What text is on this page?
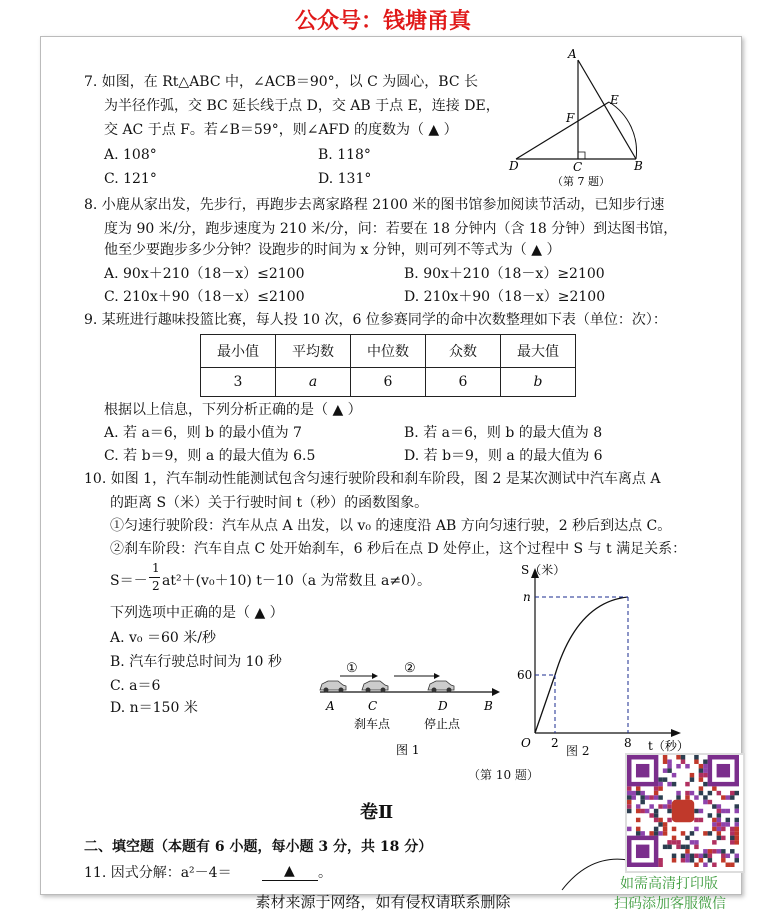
公众号：钱塘甬真
7. 如图，在 Rt△ABC 中，∠ACB＝90°，以 C 为圆心，BC 长
为半径作弧，交 BC 延长线于点 D，交 AB 于点 E，连接 DE，
交 AC 于点 F。若∠B＝59°，则∠AFD 的度数为（ ▲ ）
A. 108°	B. 118°
C. 121°	D. 131°
A
E
F
D	C	B
（第 7 题）
8. 小鹿从家出发，先步行，再跑步去离家路程 2100 米的图书馆参加阅读节活动，已知步行速
度为 90 米/分，跑步速度为 210 米/分，问：若要在 18 分钟内（含 18 分钟）到达图书馆，
他至少要跑步多少分钟？设跑步的时间为 x 分钟，则可列不等式为（ ▲ ）
A. 90x＋210（18－x）≤2100	B. 90x＋210（18－x）≥2100
C. 210x＋90（18－x）≤2100	D. 210x＋90（18－x）≥2100
9. 某班进行趣味投篮比赛，每人投 10 次，6 位参赛同学的命中次数整理如下表（单位：次）：
最小值	平均数	中位数	众数	最大值
3	a	6	6	b
根据以上信息，下列分析正确的是（ ▲ ）
A. 若 a＝6，则 b 的最小值为 7	B. 若 a＝6，则 b 的最大值为 8
C. 若 b＝9，则 a 的最大值为 6.5	D. 若 b＝9，则 a 的最大值为 6
10. 如图 1，汽车制动性能测试包含匀速行驶阶段和刹车阶段，图 2 是某次测试中汽车离点 A
的距离 S（米）关于行驶时间 t（秒）的函数图象。
①匀速行驶阶段：汽车从点 A 出发，以 v₀ 的速度沿 AB 方向匀速行驶，2 秒后到达点 C。
②刹车阶段：汽车自点 C 处开始刹车，6 秒后在点 D 处停止，这个过程中 S 与 t 满足关系：
S＝－
1
2 at²＋(v₀＋10) t－10（a 为常数且 a≠0）。
下列选项中正确的是（ ▲ ）
A. v₀ ＝60 米/秒
B. 汽车行驶总时间为 10 秒
C. a＝6
D. n＝150 米
①	②
A	C	D	B
刹车点	停止点
图 1
S（米）
n
60
O 2	8 t（秒）
图 2
（第 10 题）
卷Ⅱ
二、填空题（本题有 6 小题，每小题 3 分，共 18 分）
11. 因式分解：a²－4＝	▲ 。
如需高清打印版
扫码添加客服微信
素材来源于网络，如有侵权请联系删除
